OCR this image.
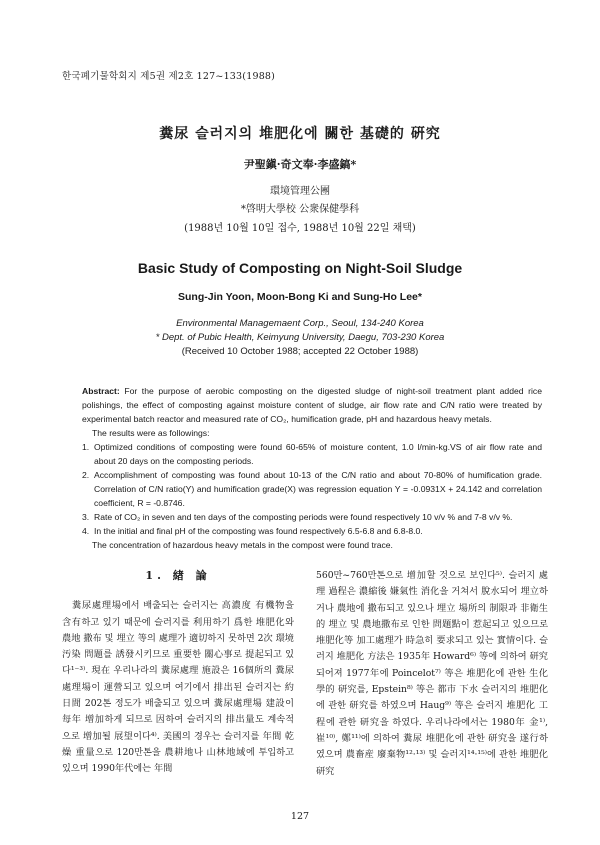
한국폐기물학회지 제5권 제2호 127~133(1988)
糞尿 슬러지의 堆肥化에 關한 基礎的 硏究
尹聖鎭·奇文奉·李盛鎬*
環境管理公團
*啓明大學校 公衆保健學科
(1988년 10월 10일 접수, 1988년 10월 22일 채택)
Basic Study of Composting on Night-Soil Sludge
Sung-Jin Yoon, Moon-Bong Ki and Sung-Ho Lee*
Environmental Managemaent Corp., Seoul, 134-240 Korea
* Dept. of Pubic Health, Keimyung University, Daegu, 703-230 Korea
(Received 10 October 1988; accepted 22 October 1988)
Abstract: For the purpose of aerobic composting on the digested sludge of night-soil treatment plant added rice polishings, the effect of composting against moisture content of sludge, air flow rate and C/N ratio were treated by experimental batch reactor and measured rate of CO₂, humification grade, pH and hazardous heavy metals.
The results were as followings:
1. Optimized conditions of composting were found 60-65% of moisture content, 1.0 l/min-kg.VS of air flow rate and about 20 days on the composting periods.
2. Accomplishment of composting was found about 10-13 of the C/N ratio and about 70-80% of humification grade. Correlation of C/N ratio(Y) and humification grade(X) was regression equation Y = -0.0931X + 24.142 and correlation coefficient, R = -0.8746.
3. Rate of CO₂ in seven and ten days of the composting periods were found respectively 10 v/v % and 7-8 v/v %.
4. In the initial and final pH of the composting was found respectively 6.5-6.8 and 6.8-8.0.
The concentration of hazardous heavy metals in the compost were found trace.
1. 緖 論

糞尿處理場에서 배출되는 슬러지는 高濃度 有機物을 含有하고 있기 때문에 슬러지를 利用하기 爲한 堆肥化와 農地 撒布 및 埋立 等의 處理가 適切하지 못하면 2次 環境汚染 問題를 誘發시키므로 重要한 關心事로 提起되고 있다¹⁻³⁾. 現在 우리나라의 糞尿處理 施設은 16個所의 糞尿 處理場이 運營되고 있으며 여기에서 排出된 슬러지는 約 日間 202톤 정도가 배출되고 있으며 糞尿處理場 建設이 每年 增加하게 되므로 因하여 슬러지의 排出量도 계속적으로 增加될 展望이다⁴⁾. 美國의 경우는 슬러지를 年間 乾燥 重量으로 120만톤을 農耕地나 山林地域에 투입하고 있으며 1990年代에는 年間

560만~760만톤으로 增加할 것으로 보인다⁵⁾. 슬러지 處理 過程은 濃縮後 嫌氣性 消化을 거쳐서 脫水되어 埋立하거나 農地에 撒布되고 있으나 埋立 場所의 制限과 非衛生的 埋立 및 農地撒布로 인한 問題點이 惹起되고 있으므로 堆肥化等 加工處理가 時急히 要求되고 있는 實情이다. 슬러지 堆肥化 方法은 1935年 Howard⁶⁾ 等에 의하여 研究되어져 1977年에 Poincelot⁷⁾ 等은 堆肥化에 관한 生化學的 研究를, Epstein⁸⁾ 等은 都市 下水 슬러지의 堆肥化에 관한 研究를 하였으며 Haug⁹⁾ 等은 슬러지 堆肥化 工程에 관한 研究을 하였다. 우리나라에서는 1980年 金¹⁾, 崔¹⁰⁾, 鄭¹¹⁾에 의하여 糞尿 堆肥化에 관한 研究을 遂行하였으며 農畜産 廢棄物¹²·¹³⁾ 및 슬러지¹⁴·¹⁵⁾에 관한 堆肥化 研究

127
